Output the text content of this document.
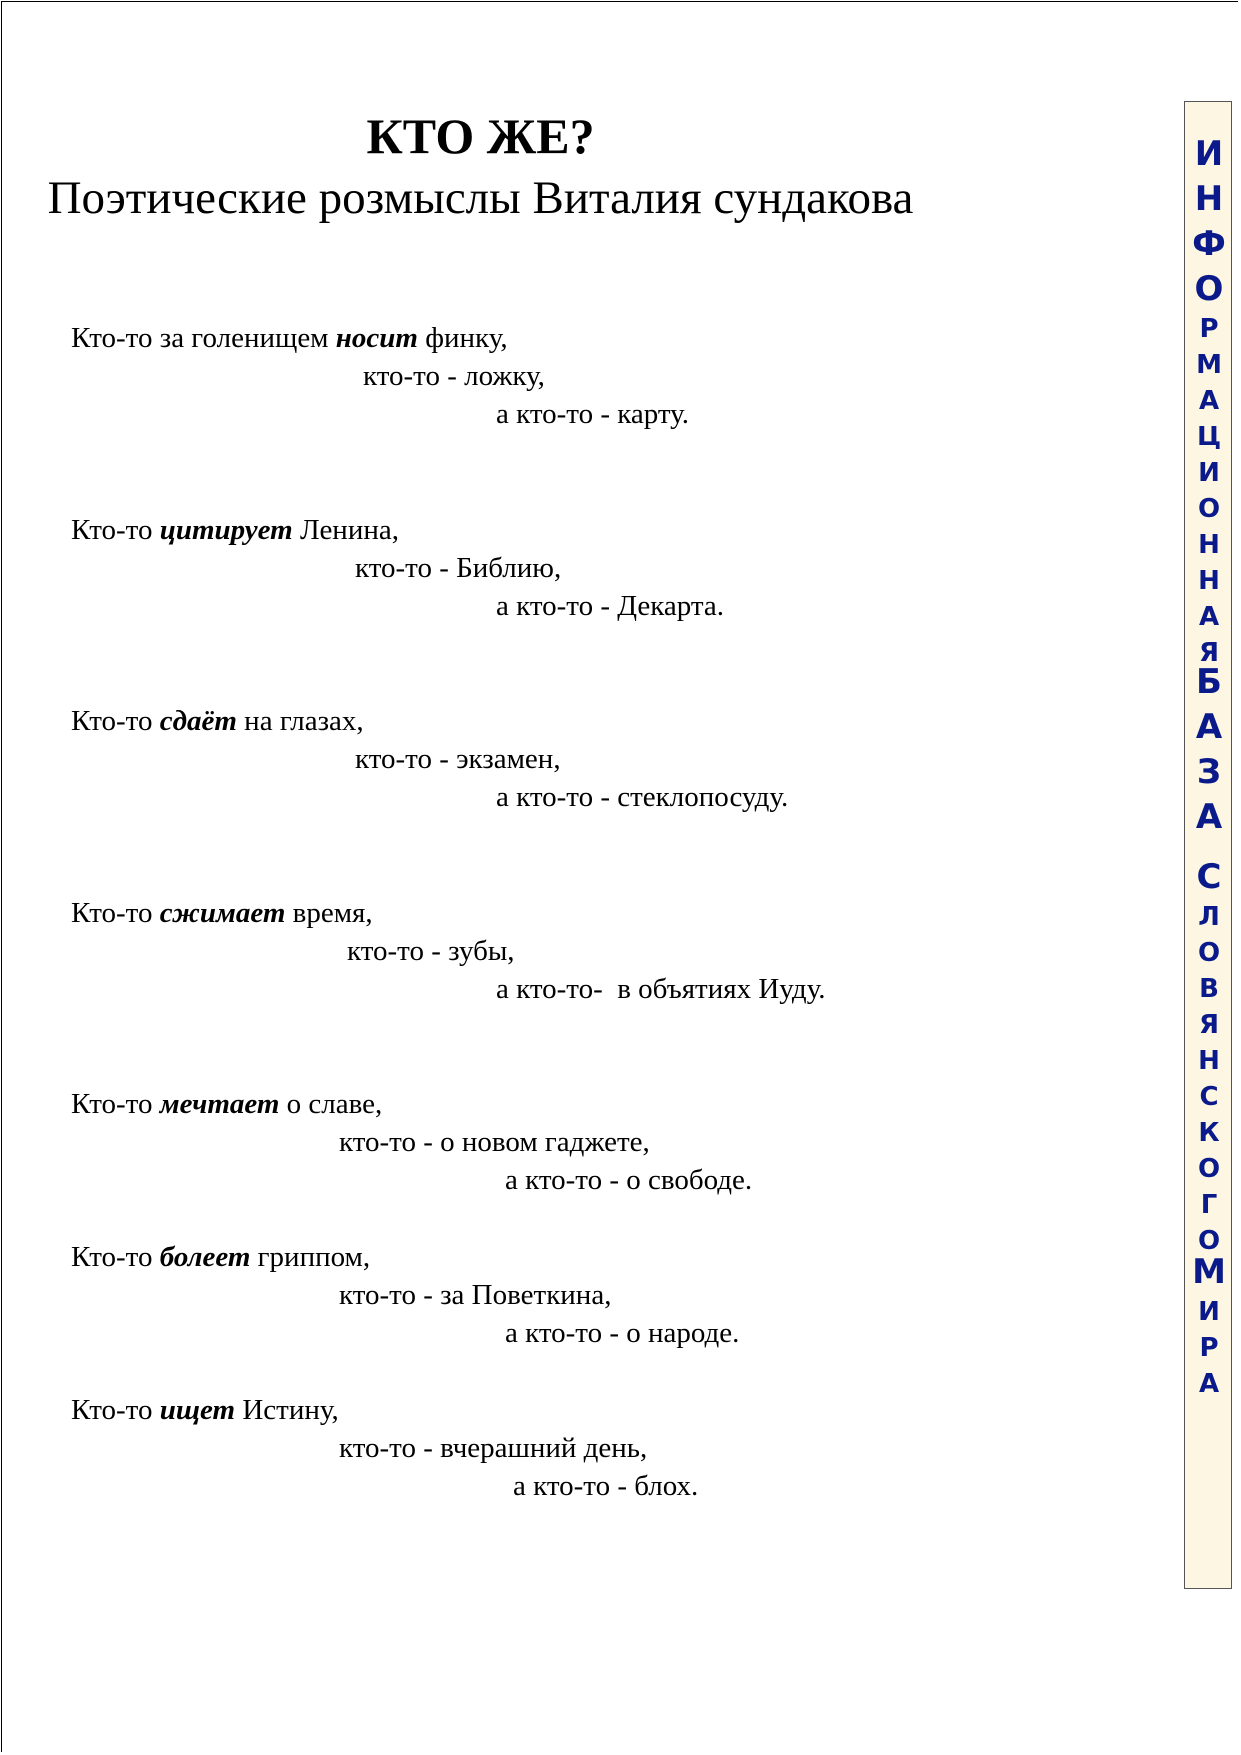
КТО ЖЕ?
Поэтические розмыслы Виталия сундакова
Кто-то за голенищем носит финку,
кто-то - ложку,
а кто-то - карту.
Кто-то цитирует Ленина,
кто-то - Библию,
а кто-то - Декарта.
Кто-то сдаёт на глазах,
кто-то - экзамен,
а кто-то - стеклопосуду.
Кто-то сжимает время,
кто-то - зубы,
а кто-то-  в объятиях Иуду.
Кто-то мечтает о славе,
кто-то - о новом гаджете,
а кто-то - о свободе.
Кто-то болеет гриппом,
кто-то - за Поветкина,
а кто-то - о народе.
Кто-то ищет Истину,
кто-то - вчерашний день,
а кто-то - блох.
И
Н
Ф
О
Р
М
А
Ц
И
О
Н
Н
А
Я
Б
А
З
А
С
Л
О
В
Я
Н
С
К
О
Г
О
М
И
Р
А
